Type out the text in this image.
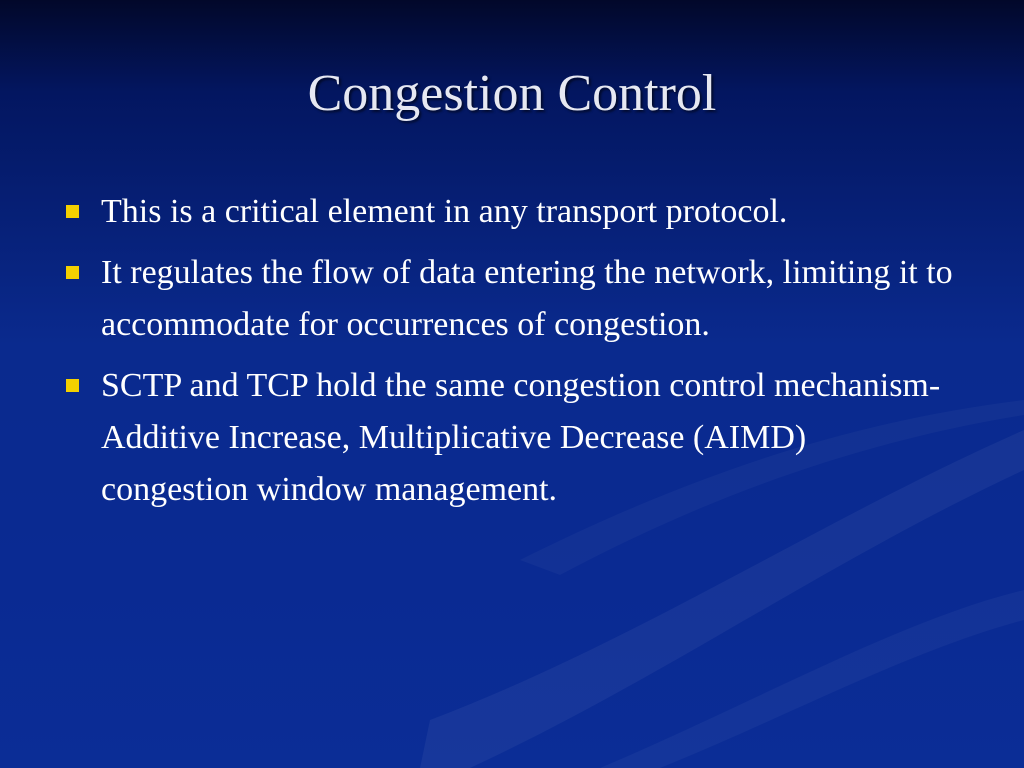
Congestion Control
This is a critical element in any transport protocol.
It regulates the flow of data entering the network, limiting it to accommodate for occurrences of congestion.
SCTP and TCP hold the same congestion control mechanism- Additive Increase, Multiplicative Decrease (AIMD) congestion window management.
